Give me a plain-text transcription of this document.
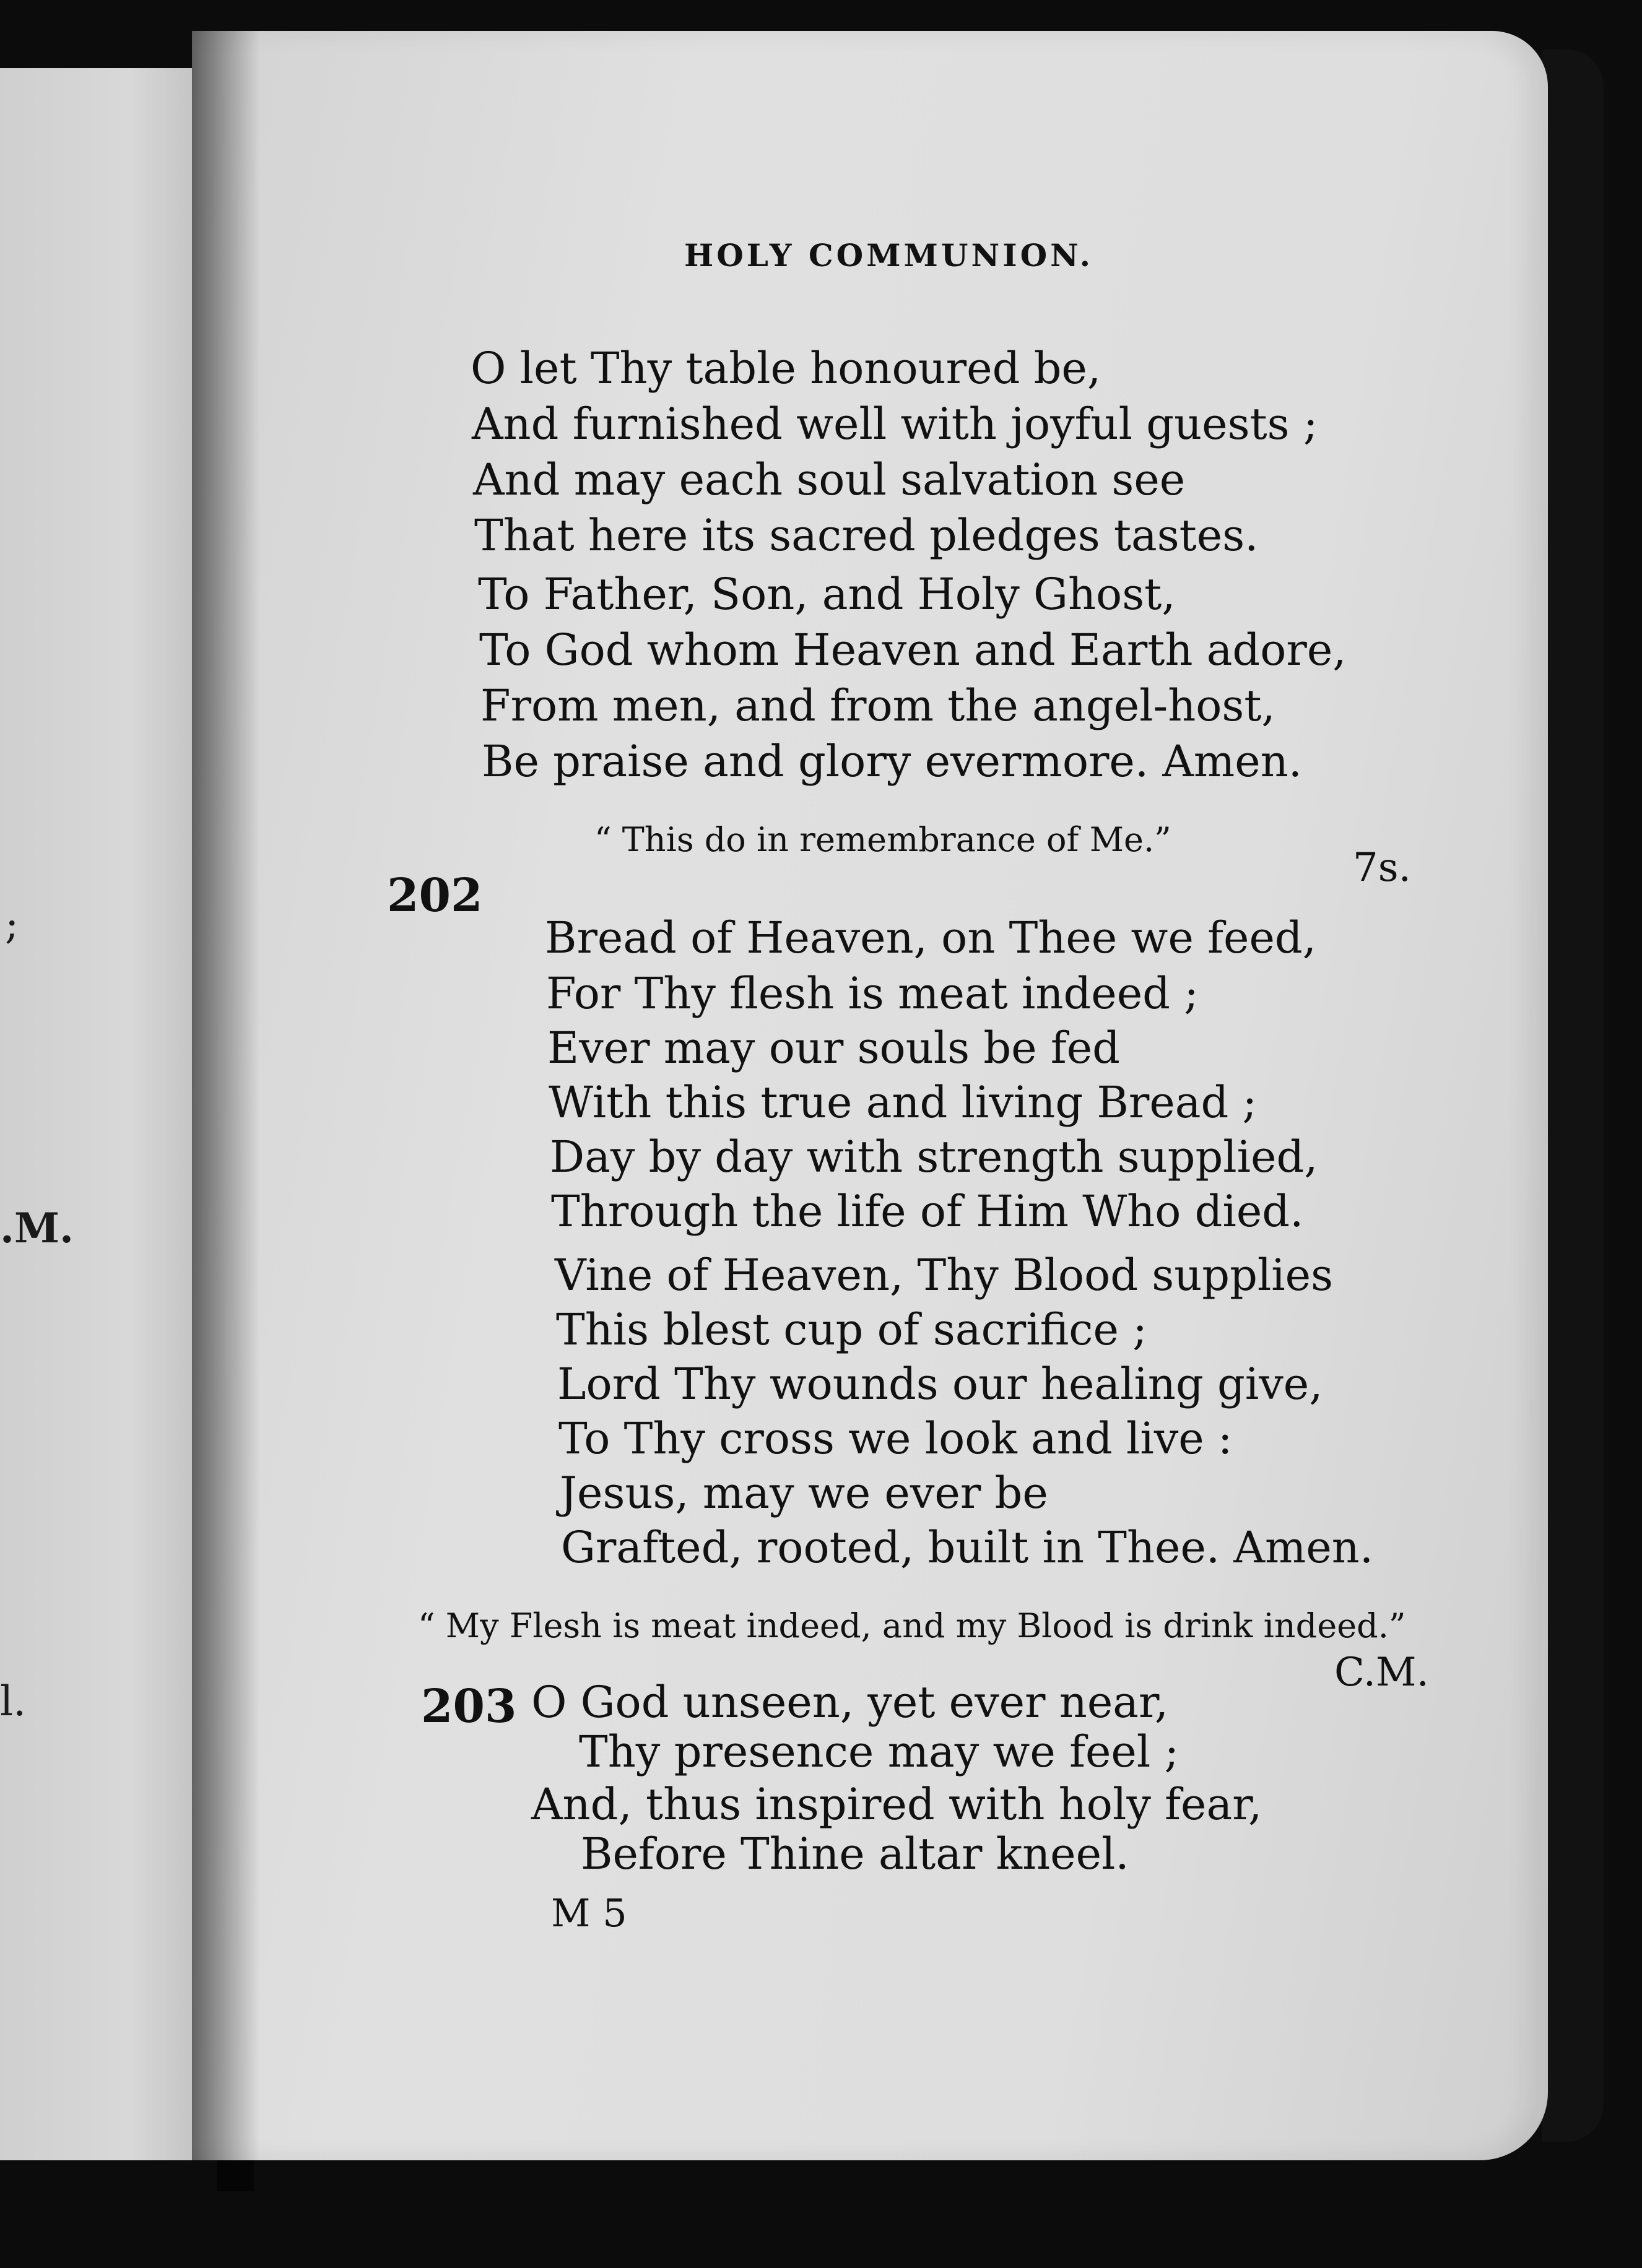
;
.M.
l.
HOLY COMMUNION.
O let Thy table honoured be,
And furnished well with joyful guests ;
And may each soul salvation see
That here its sacred pledges tastes.
To Father, Son, and Holy Ghost,
To God whom Heaven and Earth adore,
From men, and from the angel-host,
Be praise and glory evermore. Amen.
“ This do in remembrance of Me.”
202
7s.
Bread of Heaven, on Thee we feed,
For Thy flesh is meat indeed ;
Ever may our souls be fed
With this true and living Bread ;
Day by day with strength supplied,
Through the life of Him Who died.
Vine of Heaven, Thy Blood supplies
This blest cup of sacrifice ;
Lord Thy wounds our healing give,
To Thy cross we look and live :
Jesus, may we ever be
Grafted, rooted, built in Thee. Amen.
“ My Flesh is meat indeed, and my Blood is drink indeed.”
203
C.M.
O God unseen, yet ever near,
Thy presence may we feel ;
And, thus inspired with holy fear,
Before Thine altar kneel.
M 5
